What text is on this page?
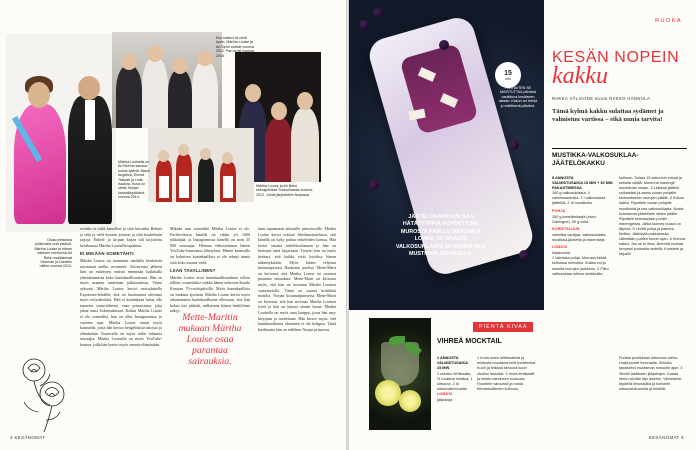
Kun kakkoi oli vielä hyvin, Märtha Louise ja Ari Behn ostivat vuonna 2012. Pari erosi vuonna 2016.
Märtha Louisella on Ari Behnin kanssa kolme tytärtä: Maud Angelica, Emma Tallulah ja Leah Isadora. Kuva on otettu Norjan kansallispäivänä vuonna 2014.
Märtha Louise ja Ari Behn sirkusjuhlissa Tukholmassa vuonna 2012. Juhlat järjestettiin Norjassa.
Osaa prinsessa juhlinnalla ovat ystäviä. Märtha Louise ja hänen silloinen miehensä Ari Behn osallistuivat Victorian ja Danielin häihin vuonna 2010.
ervätko ei vielä katselleet ja siitä kuvattiin Behniä ja siitä ja vielä kuvaan jottavat ja siitä kauhelmiin tarjoja. Enkeli- ja kirjaan kirjan tuli kirjoitettu kesäkuussa Märtha Louisella tapahtuu.
EI MIKÄÄN SOMETÄHTI
Märtha Louise on avautunut mediallr henkisistä asioistaan melko avoimesti. Avioeronsa jälkeen hän on esiintynyt entistä enemmän kaikkialla yhteiskunnassa koko kuninkaallisuutensa. Hän on myös avannut tunteitaan julkisuudessa. Viime syksynä Märtha Louise kertoi ruotsalaiselle Expressen-lehdelle, että on huomannut olevansa myös erityisherkkä. Hän ei kuitenkaan halua olla tunnettu some-tähtenä, vaan prinsessana, joka jakaa omia kokemuksiaan. Kokka Märtha Louise ei ole sometähti, hän on ollut Instagramissa jo vuosien ajan. Märtha Louise tuntui myös kanavalla, jossa hän kertoo hengellisistä asioista ja elämästään. Kanavalla on myös tullut tuhansia seuraajia. Märtha Louisella on myös YouTube-kanava, jolla hän kertoo myös omasta elämästään.
Mikään uusi sometähti Märtha Louise ei ole. Facebookissa hänellä on vähän yli 1000 tykkääjää, ja Instagramissa hänellä on noin 35 000 seuraajaa. Hieman erikoisemmat hänen YouTube-kanavansa lähetykset. Hänen kanavalla on kolmisen kuninkaallisia ei ole tehnyt nimiä siitä koko asiasta vielä.
LIIAN TAVALLINEN?
Märtha Louise erosi kuninkaallisuudesta silloin tällöin, esimerkiksi vaikka hänen tarkoitus Kaarle Kustaan 70-vuotispäivillä. Myös kuninkaallisia on mukana ajoittain. Märtha Louise kertoi myös aikaisemmin kuninkaallisena ollessaan, että hän halusi itse päättää, millaisena hänen henkilönsä näkyy.
Mette-Maritin mukaan Märtha Louise osaa parantaa sairauksia.
tuttu tapaamaan aikuisille prinsessoille. Märtha Louise kertoi eräässä lehtihaastattelussa, että hänellä on kyky puhua enkeleiden kanssa. Hän kertoi omasta enkelikoulustaan ja hän on kertonut tästä kirjassaan. Tietysti hän on myös tietänyt, että kaikki eivät hyväksy hänen näkemyksiään. Myös hänen veljensä kruununprinssi Haakonin puoliso Mette-Marit on kertonut, että Märtha Louise on osannut parantaa sairauksia. Mette-Marit on kertonut myös, että hän on tavannut Märtha Louisen vastaanotolla. Tämä on saanut kritiikkiä monilta. Norjan kruununprinsessa Mette-Marit on kertonut, että hän arvostaa Märtha Louisen työtä ja hän on käynyt tämän luona. Märtha Louisella on myös oma kauppa, jossa hän myy kirjojaan ja tuotteitaan. Hän kertoo myös, että kuninkaallisena oleminen ei ole helppoa. Tästä huolimatta hän on edelleen Norjan prinsessa.
4 KESÄNOMAT
15
min
PARHAITEN SE MAISTUTTAA päivänä nautittuna kesäiseen aikaan. Kakun voi tehdä jo edellisenä päivänä.
JÄÄTELÖKAKKUUN SAA HÄTÄTYYPPIÄ KOHDETTUIN. MUROSTA PÄÄLLE MARENKIA LOHKO TAI RAASTA VALKOSUKLAATA JA VIIMEISTELE MUSTIKKA-JAUHEELLA.
RUOKA
KESÄN NOPEIN
kakku
RIIKKA VÄLIAHDE Kuvat RIIKKO HANNULA
Tämä kylmä kakku sulattaa sydämet ja valmistuu vartissa – eikä uunia tarvita!
MUSTIKKA-VALKOSUKLAA-JÄÄTELÖKAKKU
8 ANNOSTA
VALMISTUSAIKA 15 MIN + 30 MIN PAKASTIMESSA
150 g valkosuklaata, 4 valmismarenkia, 1 l valkosuklaa jäätelöä, 2 dl mustikoita
POHJA
150 g kanelikeksejä (esim. Gaelogne), 50 g voita
KORISTELUUN
valmiiksi vaniljaa, valkosuklaata, mustikka-jauhetta ja marenkeja
LISÄKSI
leipävuoka
1 Valmista pohja. Murusta keksit kulhossa hienoiksi. Sulata voi ja sekoita murujen joukkoon. 2 Pilko valkosuklaa mikron kestävään
kulhoon. Sulata 15 sekunnin erissä ja sekoita välillä. Murenna marengit muutaman osaan. 3 Leikkaa jäätelö suikaleiksi ja aseta vuoan pohjalle kookoskeksin murujen päälle. 4 Kokoa kakku. Ripottele vuoan pohjalle mustikoita ja osa valkosuklaata. Nosta kolmannes jäätelöstä niiden päälle. Ripottele seuraavaksi puolet marengeista. Jatka kunnes vuoka on täynnä. 5 Levitä pohja ja paineta tiiviiksi. Jäähdytä pakkasessa vähintään puolen tunnin ajan. 6 Kumoa kakku. Jos se ei irtoa, lämmitä vuokaa kevyesti kuumalla vedellä. Koristele ja tarjoile!
PIENTÄ KIVAA
VIHREÄ MOCKTAIL
2 ANNOSTA
VALMISTUSAIKA 15 MIN
1 nuukku lehtikaalia, ½ ruukkua minttua, 1 sitruuna, 2 dl sitruunalimonadia
LISÄKSI
jääpaloja
1 Irrota ensin lehtikaalista ja mintusta muutama lehti koristeeksi. Kuori ja leikkaa sitruuna kuori ohuiksi lastuiksi. 2 Irrota lehtikaalit ja minttu varsineen ruukusta. Huuhtele varovasti ja nosta tehosekoittimen kulhoon.
Purista puolikkaan sitruunan mehu. Lisää puolet limonadia. Sekoita tasaiseksi muutaman minuutin ajan. 3 Siivilöi lasikkaan jääpalojen. Kaada mehu siivilän läpi lasehin. Viimeistele täydellä limonadilla ja koristele sitruunankuorella ja lehdillä.
KESÄNOMAT 5
